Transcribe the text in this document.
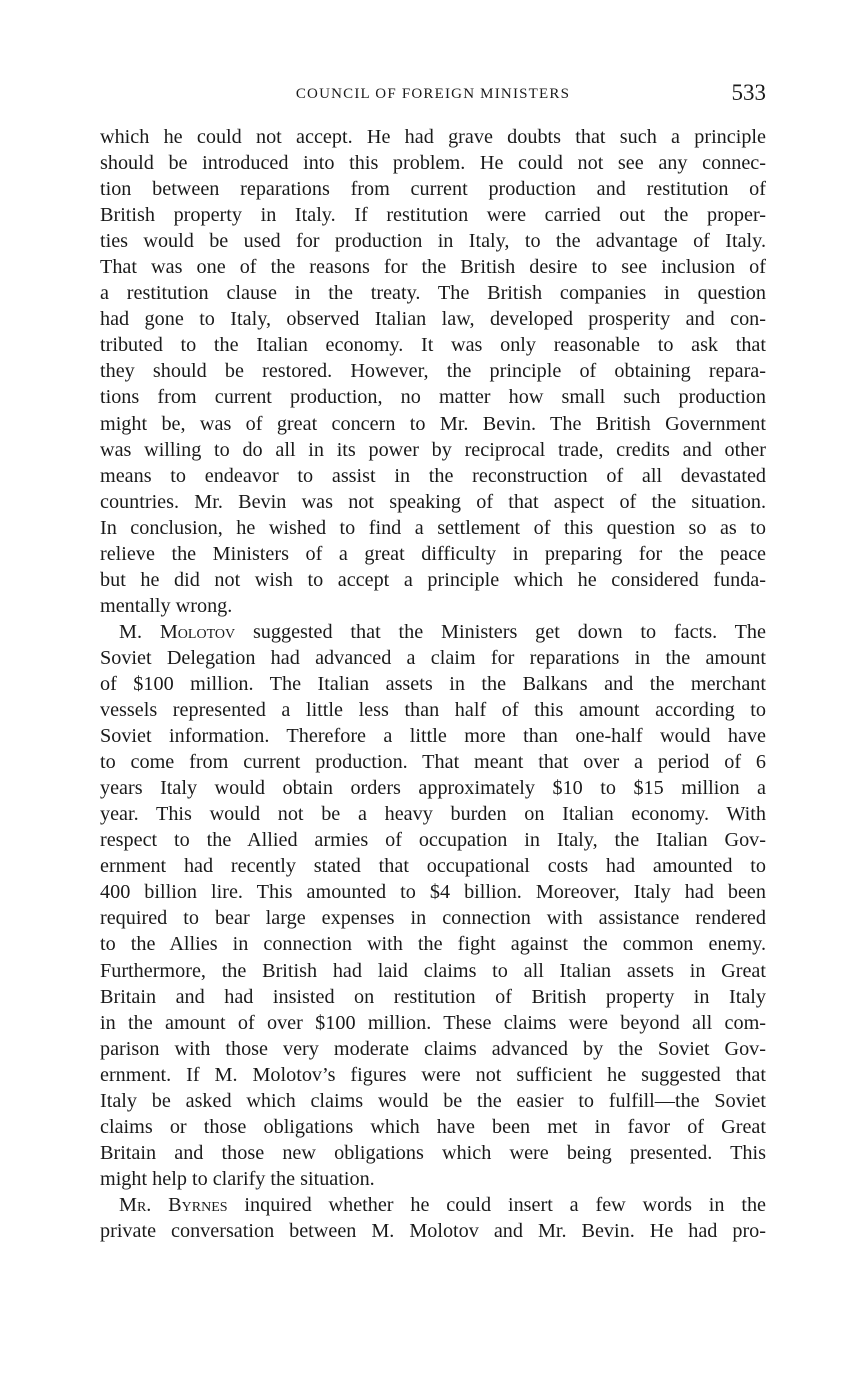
COUNCIL OF FOREIGN MINISTERS	533
which he could not accept. He had grave doubts that such a principle
should be introduced into this problem. He could not see any connec-
tion between reparations from current production and restitution of
British property in Italy. If restitution were carried out the proper-
ties would be used for production in Italy, to the advantage of Italy.
That was one of the reasons for the British desire to see inclusion of
a restitution clause in the treaty. The British companies in question
had gone to Italy, observed Italian law, developed prosperity and con-
tributed to the Italian economy. It was only reasonable to ask that
they should be restored. However, the principle of obtaining repara-
tions from current production, no matter how small such production
might be, was of great concern to Mr. Bevin. The British Government
was willing to do all in its power by reciprocal trade, credits and other
means to endeavor to assist in the reconstruction of all devastated
countries. Mr. Bevin was not speaking of that aspect of the situation.
In conclusion, he wished to find a settlement of this question so as to
relieve the Ministers of a great difficulty in preparing for the peace
but he did not wish to accept a principle which he considered funda-
mentally wrong.
M. Molotov suggested that the Ministers get down to facts. The
Soviet Delegation had advanced a claim for reparations in the amount
of $100 million. The Italian assets in the Balkans and the merchant
vessels represented a little less than half of this amount according to
Soviet information. Therefore a little more than one-half would have
to come from current production. That meant that over a period of 6
years Italy would obtain orders approximately $10 to $15 million a
year. This would not be a heavy burden on Italian economy. With
respect to the Allied armies of occupation in Italy, the Italian Gov-
ernment had recently stated that occupational costs had amounted to
400 billion lire. This amounted to $4 billion. Moreover, Italy had been
required to bear large expenses in connection with assistance rendered
to the Allies in connection with the fight against the common enemy.
Furthermore, the British had laid claims to all Italian assets in Great
Britain and had insisted on restitution of British property in Italy
in the amount of over $100 million. These claims were beyond all com-
parison with those very moderate claims advanced by the Soviet Gov-
ernment. If M. Molotov’s figures were not sufficient he suggested that
Italy be asked which claims would be the easier to fulfill—the Soviet
claims or those obligations which have been met in favor of Great
Britain and those new obligations which were being presented. This
might help to clarify the situation.
Mr. Byrnes inquired whether he could insert a few words in the
private conversation between M. Molotov and Mr. Bevin. He had pro-
